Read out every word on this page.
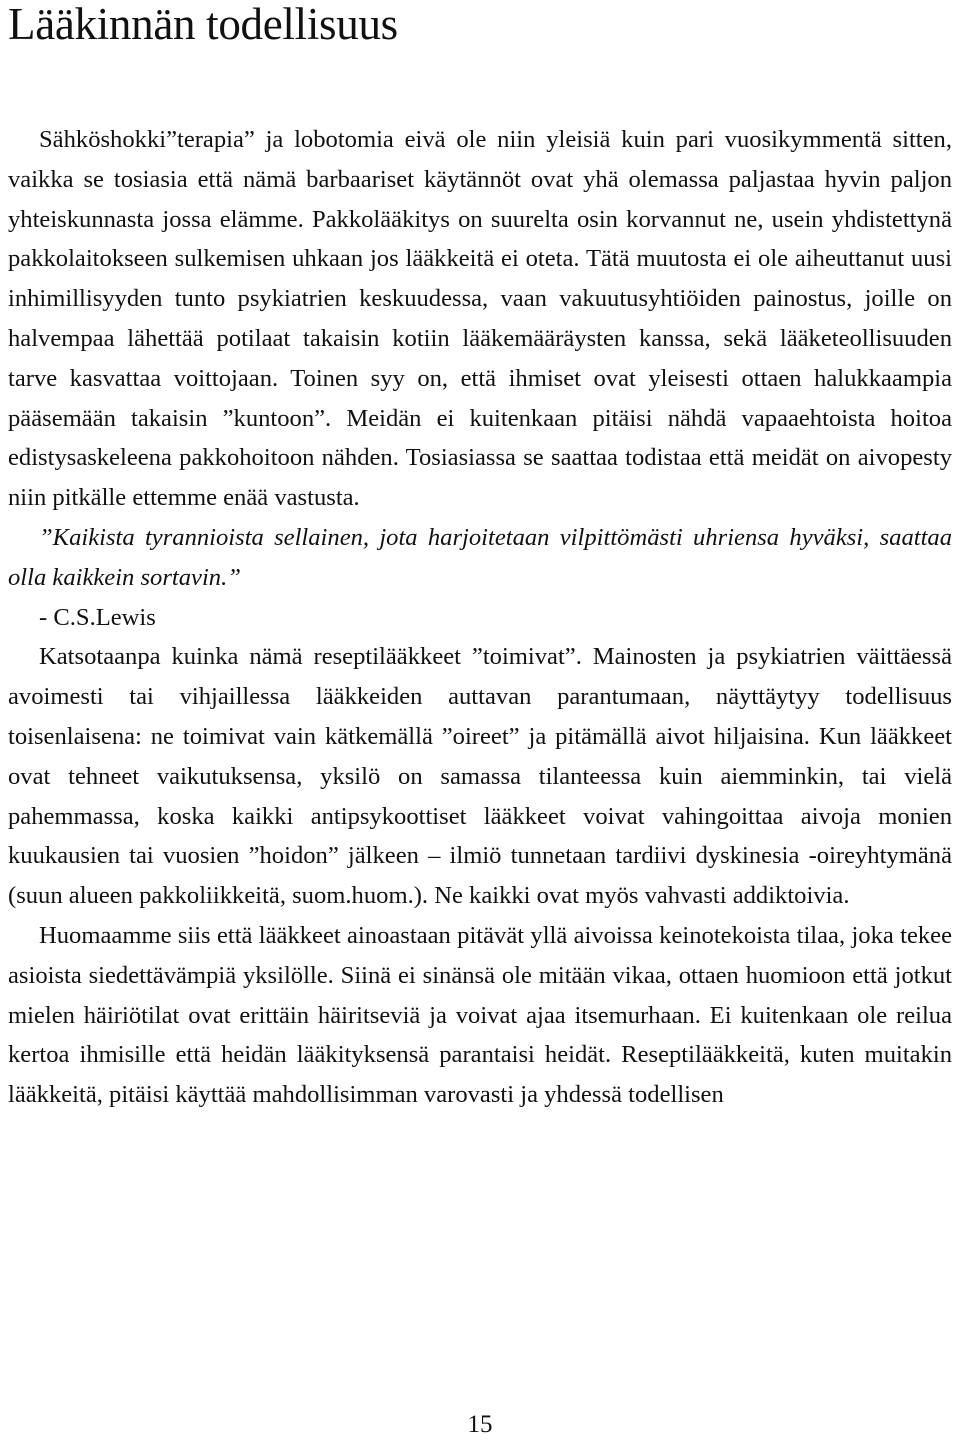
Lääkinnän todellisuus

Sähköshokki”terapia” ja lobotomia eivä ole niin yleisiä kuin pari vuosikymmentä sitten, vaikka se tosiasia että nämä barbaariset käytännöt ovat yhä olemassa paljastaa hyvin paljon yhteiskunnasta jossa elämme. Pakkolääkitys on suurelta osin korvannut ne, usein yhdistettynä pakkolaitokseen sulkemisen uhkaan jos lääkkeitä ei oteta. Tätä muutosta ei ole aiheuttanut uusi inhimillisyyden tunto psykiatrien keskuudessa, vaan vakuutusyhtiöiden painostus, joille on halvempaa lähettää potilaat takaisin kotiin lääkemääräysten kanssa, sekä lääketeollisuuden tarve kasvattaa voittojaan. Toinen syy on, että ihmiset ovat yleisesti ottaen halukkaampia pääsemään takaisin ”kuntoon”. Meidän ei kuitenkaan pitäisi nähdä vapaaehtoista hoitoa edistysaskeleena pakkohoitoon nähden. Tosiasiassa se saattaa todistaa että meidät on aivopesty niin pitkälle ettemme enää vastusta.

”Kaikista tyrannioista sellainen, jota harjoitetaan vilpittömästi uhriensa hyväksi, saattaa olla kaikkein sortavin.”

- C.S.Lewis

Katsotaanpa kuinka nämä reseptilääkkeet ”toimivat”. Mainosten ja psykiatrien väittäessä avoimesti tai vihjaillessa lääkkeiden auttavan parantumaan, näyttäytyy todellisuus toisenlaisena: ne toimivat vain kätkemällä ”oireet” ja pitämällä aivot hiljaisina. Kun lääkkeet ovat tehneet vaikutuksensa, yksilö on samassa tilanteessa kuin aiemminkin, tai vielä pahemmassa, koska kaikki antipsykoottiset lääkkeet voivat vahingoittaa aivoja monien kuukausien tai vuosien ”hoidon” jälkeen – ilmiö tunnetaan tardiivi dyskinesia -oireyhtymänä (suun alueen pakkoliikkeitä, suom.huom.). Ne kaikki ovat myös vahvasti addiktoivia.

Huomaamme siis että lääkkeet ainoastaan pitävät yllä aivoissa keinotekoista tilaa, joka tekee asioista siedettävämpiä yksilölle. Siinä ei sinänsä ole mitään vikaa, ottaen huomioon että jotkut mielen häiriötilat ovat erittäin häiritseviä ja voivat ajaa itsemurhaan. Ei kuitenkaan ole reilua kertoa ihmisille että heidän lääkityksensä parantaisi heidät. Reseptilääkkeitä, kuten muitakin lääkkeitä, pitäisi käyttää mahdollisimman varovasti ja yhdessä todellisen

15
